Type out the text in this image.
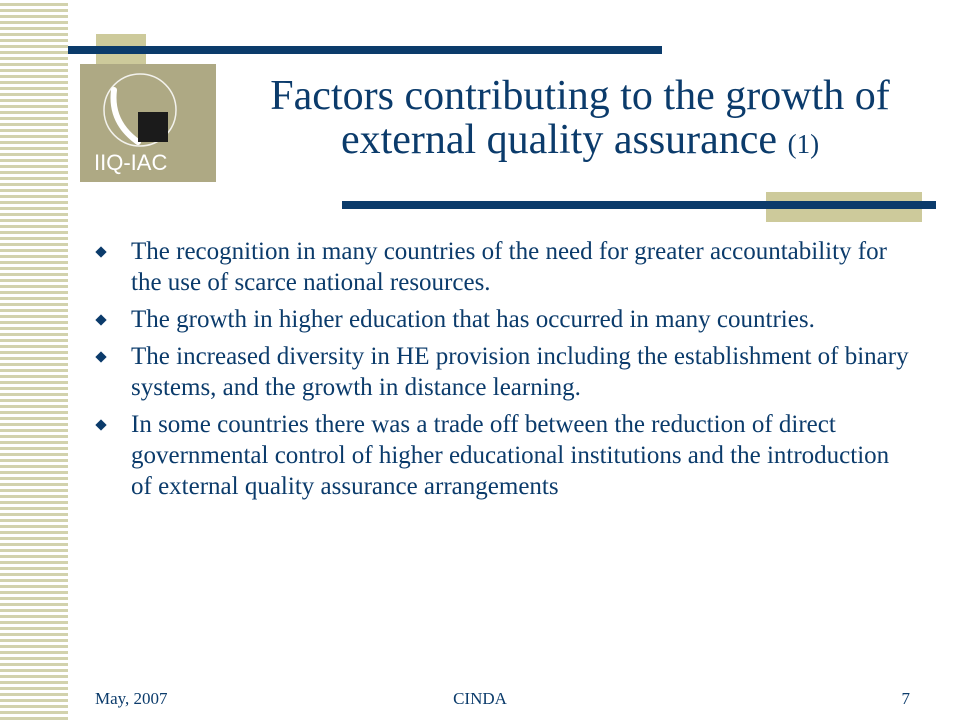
IIQ-IAC
Factors contributing to the growth of external quality assurance (1)
The recognition in many countries of the need for greater accountability for the use of scarce national resources.
The growth in higher education that has occurred in many countries.
The increased diversity in HE provision including the establishment of binary systems, and the growth in distance learning.
In some countries there was a trade off between the reduction of direct governmental control of higher educational institutions and the introduction of external quality assurance arrangements
May, 2007	CINDA	7
